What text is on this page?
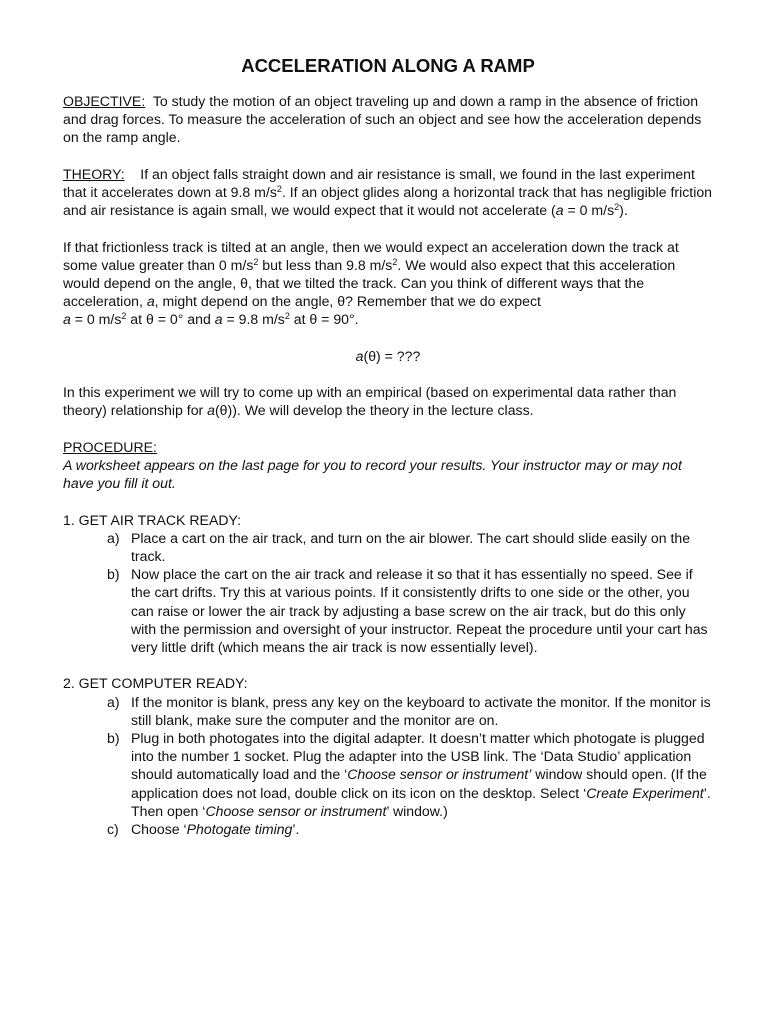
ACCELERATION ALONG A RAMP

OBJECTIVE: To study the motion of an object traveling up and down a ramp in the absence of friction and drag forces. To measure the acceleration of such an object and see how the acceleration depends on the ramp angle.

THEORY: If an object falls straight down and air resistance is small, we found in the last experiment that it accelerates down at 9.8 $m/s^2$. If an object glides along a horizontal track that has negligible friction and air resistance is again small, we would expect that it would not accelerate (a = 0 $m/s^2$).

If that frictionless track is tilted at an angle, then we would expect an acceleration down the track at some value greater than 0 $m/s^2$ but less than 9.8 $m/s^2$. We would also expect that this acceleration would depend on the angle, θ, that we tilted the track. Can you think of different ways that the acceleration, a, might depend on the angle, θ? Remember that we do expect
a = 0 $m/s^2$ at θ = 0° and a = 9.8 $m/s^2$ at θ = 90°.

a(θ) = ???

In this experiment we will try to come up with an empirical (based on experimental data rather than theory) relationship for a(θ)). We will develop the theory in the lecture class.

PROCEDURE:

A worksheet appears on the last page for you to record your results. Your instructor may or may not have you fill it out.

1. GET AIR TRACK READY:

a) Place a cart on the air track, and turn on the air blower. The cart should slide easily on the track.
b) Now place the cart on the air track and release it so that it has essentially no speed. See if the cart drifts. Try this at various points. If it consistently drifts to one side or the other, you can raise or lower the air track by adjusting a base screw on the air track, but do this only with the permission and oversight of your instructor. Repeat the procedure until your cart has very little drift (which means the air track is now essentially level).

2. GET COMPUTER READY:

a) If the monitor is blank, press any key on the keyboard to activate the monitor. If the monitor is still blank, make sure the computer and the monitor are on.
b) Plug in both photogates into the digital adapter. It doesn’t matter which photogate is plugged into the number 1 socket. Plug the adapter into the USB link. The ‘Data Studio’ application should automatically load and the ‘Choose sensor or instrument’ window should open. (If the application does not load, double click on its icon on the desktop. Select ‘Create Experiment’. Then open ‘Choose sensor or instrument’ window.)
c) Choose ‘Photogate timing’.
